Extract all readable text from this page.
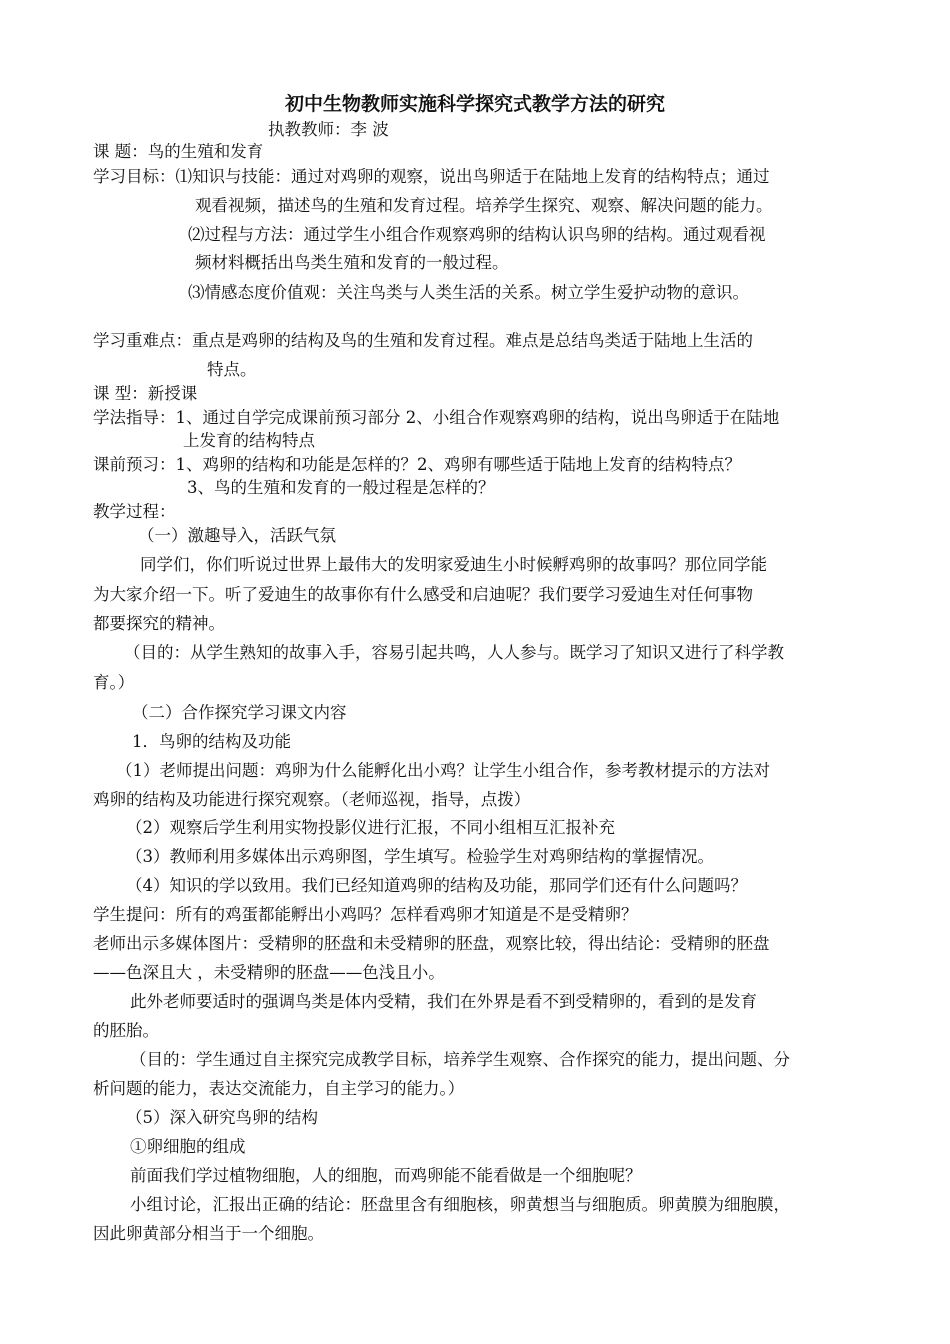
初中生物教师实施科学探究式教学方法的研究
执教教师：李 波
课 题：鸟的生殖和发育
学习目标：⑴知识与技能：通过对鸡卵的观察，说出鸟卵适于在陆地上发育的结构特点；通过
观看视频，描述鸟的生殖和发育过程。培养学生探究、观察、解决问题的能力。
⑵过程与方法：通过学生小组合作观察鸡卵的结构认识鸟卵的结构。通过观看视
频材料概括出鸟类生殖和发育的一般过程。
⑶情感态度价值观：关注鸟类与人类生活的关系。树立学生爱护动物的意识。
学习重难点：重点是鸡卵的结构及鸟的生殖和发育过程。难点是总结鸟类适于陆地上生活的
特点。
课 型：新授课
学法指导：1、通过自学完成课前预习部分 2、小组合作观察鸡卵的结构，说出鸟卵适于在陆地
上发育的结构特点
课前预习：1、鸡卵的结构和功能是怎样的？2、鸡卵有哪些适于陆地上发育的结构特点？
3、鸟的生殖和发育的一般过程是怎样的？
教学过程：
（一）激趣导入，活跃气氛
同学们，你们听说过世界上最伟大的发明家爱迪生小时候孵鸡卵的故事吗？那位同学能
为大家介绍一下。听了爱迪生的故事你有什么感受和启迪呢？我们要学习爱迪生对任何事物
都要探究的精神。
（目的：从学生熟知的故事入手，容易引起共鸣，人人参与。既学习了知识又进行了科学教
育。）
（二）合作探究学习课文内容
1．鸟卵的结构及功能
（1）老师提出问题：鸡卵为什么能孵化出小鸡？让学生小组合作，参考教材提示的方法对
鸡卵的结构及功能进行探究观察。（老师巡视，指导，点拨）
（2）观察后学生利用实物投影仪进行汇报，不同小组相互汇报补充
（3）教师利用多媒体出示鸡卵图，学生填写。检验学生对鸡卵结构的掌握情况。
（4）知识的学以致用。我们已经知道鸡卵的结构及功能，那同学们还有什么问题吗？
学生提问：所有的鸡蛋都能孵出小鸡吗？怎样看鸡卵才知道是不是受精卵？
老师出示多媒体图片：受精卵的胚盘和未受精卵的胚盘，观察比较，得出结论：受精卵的胚盘
——色深且大 ，未受精卵的胚盘——色浅且小。
此外老师要适时的强调鸟类是体内受精，我们在外界是看不到受精卵的，看到的是发育
的胚胎。
（目的：学生通过自主探究完成教学目标，培养学生观察、合作探究的能力，提出问题、分
析问题的能力，表达交流能力，自主学习的能力。）
（5）深入研究鸟卵的结构
①卵细胞的组成
前面我们学过植物细胞，人的细胞，而鸡卵能不能看做是一个细胞呢？
小组讨论，汇报出正确的结论：胚盘里含有细胞核，卵黄想当与细胞质。卵黄膜为细胞膜，
因此卵黄部分相当于一个细胞。
